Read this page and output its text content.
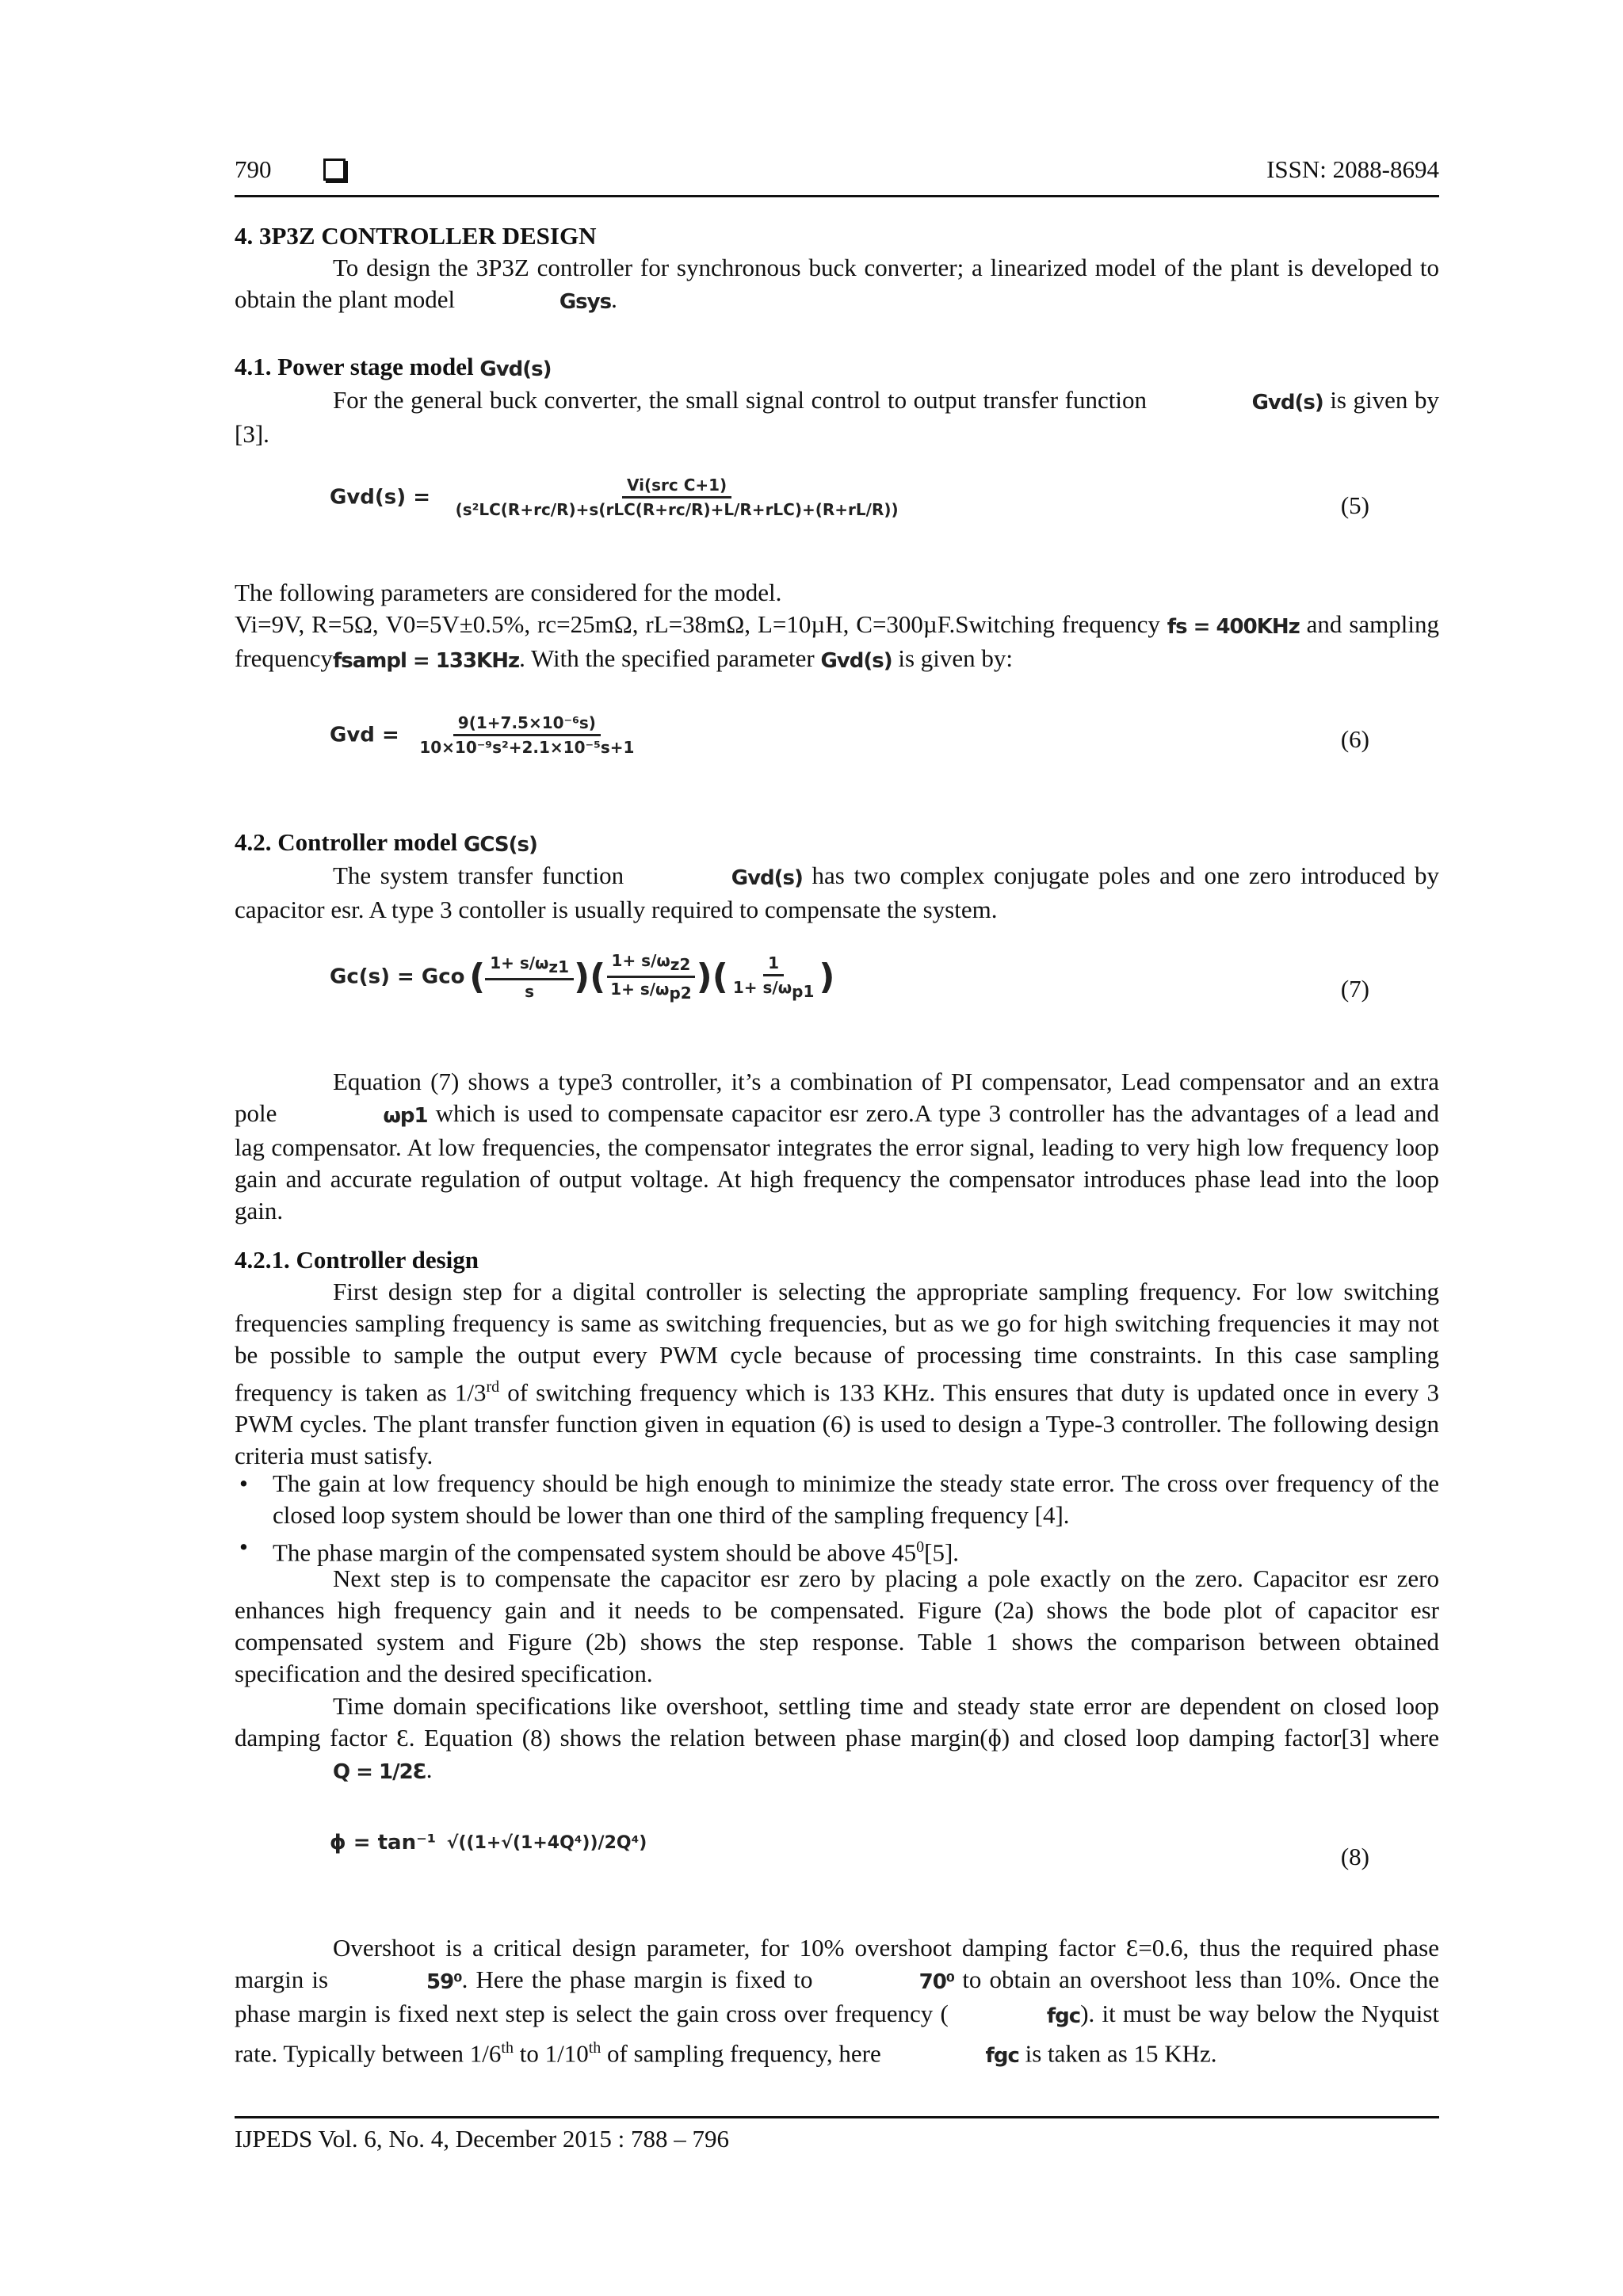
790	ISSN: 2088-8694
4. 3P3Z CONTROLLER DESIGN
To design the 3P3Z controller for synchronous buck converter; a linearized model of the plant is developed to obtain the plant model	Gsys.
4.1. Power stage model Gvd(s)
For the general buck converter, the small signal control to output transfer function	Gvd(s) is given by [3].
$Gvd(s) = \frac{\text{Vi(src C+1)}}{\text{(s²LC(R+rc/R)+s(rLC(R+rc/R)+L/R+rLC)+(R+rL/R))}}$	(5)
The following parameters are considered for the model.
Vi=9V, R=5Ω, V0=5V±0.5%, rc=25mΩ, rL=38mΩ, L=10µH, C=300µF.Switching frequency fs = 400KHz and sampling frequencyfsampl = 133KHz. With the specified parameter Gvd(s) is given by:
Gvd = $\frac{\text{9(1+7.5×10⁻⁶s)}}{\text{10×10⁻⁹s²+2.1×10⁻⁵s+1}}$	(6)
4.2. Controller model GCS(s)
The system transfer function	Gvd(s) has two complex conjugate poles and one zero introduced by capacitor esr. A type 3 contoller is usually required to compensate the system.
Gc(s) = Gco ( $\frac{1+ s/\omega_{z1}}{s}$ )( $\frac{1+ s/\omega_{z2}}{1+ s/\omega_{p2}}$ )( $\frac{1}{1+ s/\omega_{p1}}$ )	(7)
Equation (7) shows a type3 controller, it’s a combination of PI compensator, Lead compensator and an extra pole	ωp1 which is used to compensate capacitor esr zero.A type 3 controller has the advantages of a lead and lag compensator. At low frequencies, the compensator integrates the error signal, leading to very high low frequency loop gain and accurate regulation of output voltage. At high frequency the compensator introduces phase lead into the loop gain.
4.2.1. Controller design
First design step for a digital controller is selecting the appropriate sampling frequency. For low switching frequencies sampling frequency is same as switching frequencies, but as we go for high switching frequencies it may not be possible to sample the output every PWM cycle because of processing time constraints. In this case sampling frequency is taken as 1/3rd of switching frequency which is 133 KHz. This ensures that duty is updated once in every 3 PWM cycles. The plant transfer function given in equation (6) is used to design a Type-3 controller. The following design criteria must satisfy.
• The gain at low frequency should be high enough to minimize the steady state error. The cross over frequency of the closed loop system should be lower than one third of the sampling frequency [4].
• The phase margin of the compensated system should be above $45^0[5]$.
Next step is to compensate the capacitor esr zero by placing a pole exactly on the zero. Capacitor esr zero enhances high frequency gain and it needs to be compensated. Figure (2a) shows the bode plot of capacitor esr compensated system and Figure (2b) shows the step response. Table 1 shows the comparison between obtained specification and the desired specification.
Time domain specifications like overshoot, settling time and steady state error are dependent on closed loop damping factor Ɛ. Equation (8) shows the relation between phase margin(ɸ) and closed loop damping factor[3] where Q = 1/2Ɛ.
ɸ = tan⁻¹ √((1+√(1+4Q⁴))/2Q⁴)	(8)
Overshoot is a critical design parameter, for 10% overshoot damping factor Ɛ=0.6, thus the required phase margin is	59⁰. Here the phase margin is fixed to	70⁰ to obtain an overshoot less than 10%. Once the phase margin is fixed next step is select the gain cross over frequency (	fgc). it must be way below the Nyquist rate. Typically between 1/6th to 1/10th of sampling frequency, here	fgc is taken as 15 KHz.
IJPEDS Vol. 6, No. 4, December 2015 : 788 – 796
